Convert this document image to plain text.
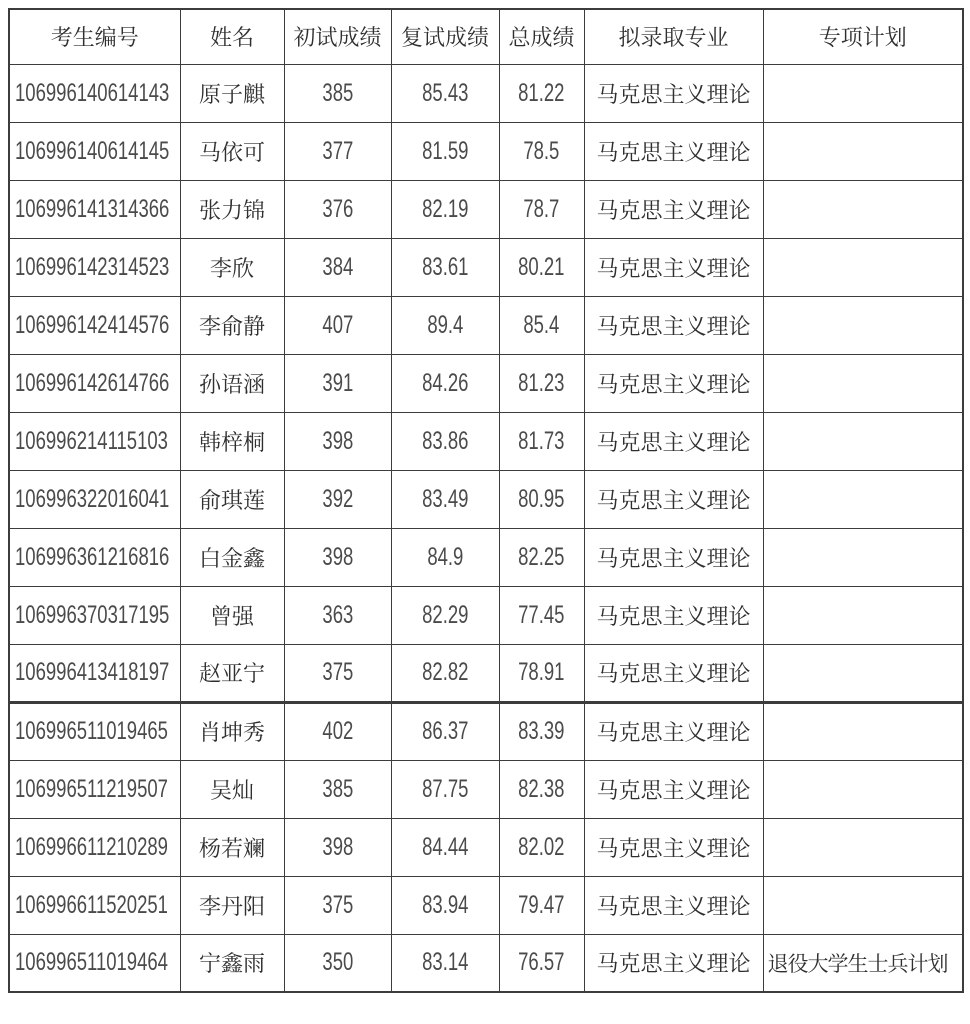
考生编号	姓名	初试成绩	复试成绩	总成绩	拟录取专业	专项计划
106996140614143	原子麒	385	85.43	81.22	马克思主义理论	
106996140614145	马依可	377	81.59	78.5	马克思主义理论	
106996141314366	张力锦	376	82.19	78.7	马克思主义理论	
106996142314523	李欣	384	83.61	80.21	马克思主义理论	
106996142414576	李俞静	407	89.4	85.4	马克思主义理论	
106996142614766	孙语涵	391	84.26	81.23	马克思主义理论	
106996214115103	韩梓桐	398	83.86	81.73	马克思主义理论	
106996322016041	俞琪莲	392	83.49	80.95	马克思主义理论	
106996361216816	白金鑫	398	84.9	82.25	马克思主义理论	
106996370317195	曾强	363	82.29	77.45	马克思主义理论	
106996413418197	赵亚宁	375	82.82	78.91	马克思主义理论	
106996511019465	肖坤秀	402	86.37	83.39	马克思主义理论	
106996511219507	吴灿	385	87.75	82.38	马克思主义理论	
106996611210289	杨若斓	398	84.44	82.02	马克思主义理论	
106996611520251	李丹阳	375	83.94	79.47	马克思主义理论	
106996511019464	宁鑫雨	350	83.14	76.57	马克思主义理论	退役大学生士兵计划
